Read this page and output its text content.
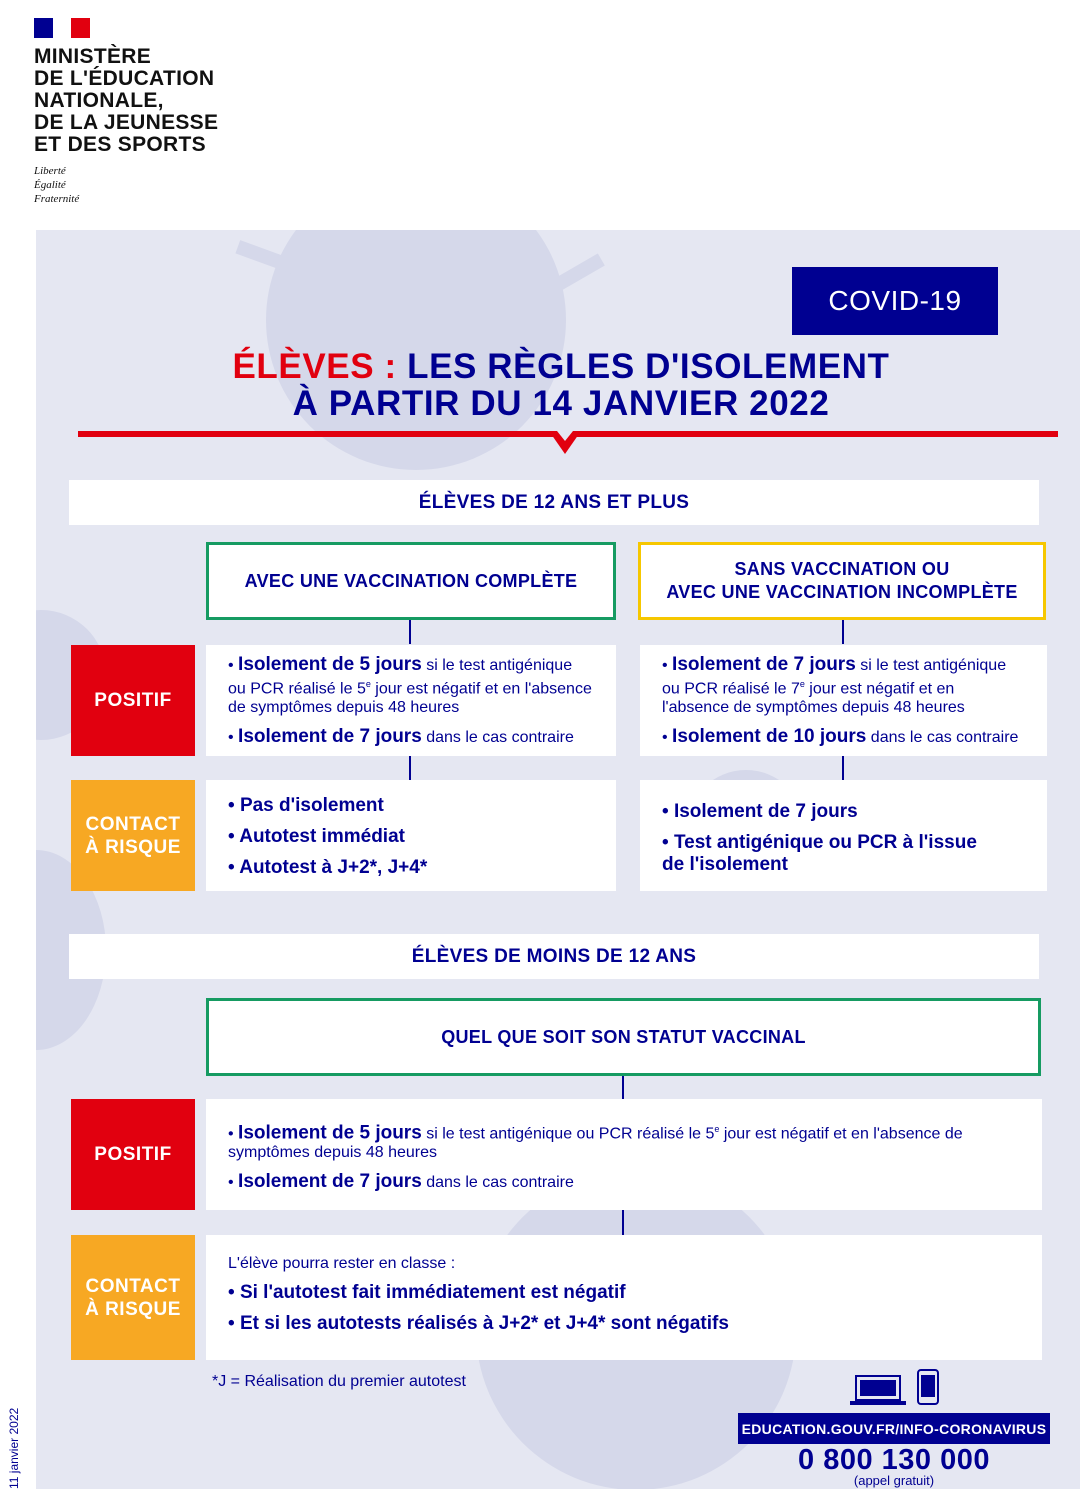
MINISTÈRE
DE L'ÉDUCATION
NATIONALE,
DE LA JEUNESSE
ET DES SPORTS
Liberté
Égalité
Fraternité
COVID-19
ÉLÈVES : LES RÈGLES D'ISOLEMENT
À PARTIR DU 14 JANVIER 2022
ÉLÈVES DE 12 ANS ET PLUS
AVEC UNE VACCINATION COMPLÈTE
SANS VACCINATION OU
AVEC UNE VACCINATION INCOMPLÈTE
POSITIF
• Isolement de 5 jours si le test antigénique ou PCR réalisé le 5e jour est négatif et en l'absence de symptômes depuis 48 heures
• Isolement de 7 jours dans le cas contraire
• Isolement de 7 jours si le test antigénique ou PCR réalisé le 7e jour est négatif et en l'absence de symptômes depuis 48 heures
• Isolement de 10 jours dans le cas contraire
CONTACT
À RISQUE
• Pas d'isolement
• Autotest immédiat
• Autotest à J+2*, J+4*
• Isolement de 7 jours
• Test antigénique ou PCR à l'issue de l'isolement
ÉLÈVES DE MOINS DE 12 ANS
QUEL QUE SOIT SON STATUT VACCINAL
POSITIF
• Isolement de 5 jours si le test antigénique ou PCR réalisé le 5e jour est négatif et en l'absence de symptômes depuis 48 heures
• Isolement de 7 jours dans le cas contraire
CONTACT
À RISQUE
L'élève pourra rester en classe :
• Si l'autotest fait immédiatement est négatif
• Et si les autotests réalisés à J+2* et J+4* sont négatifs
*J = Réalisation du premier autotest
EDUCATION.GOUV.FR/INFO-CORONAVIRUS
0 800 130 000
(appel gratuit)
11 janvier 2022
